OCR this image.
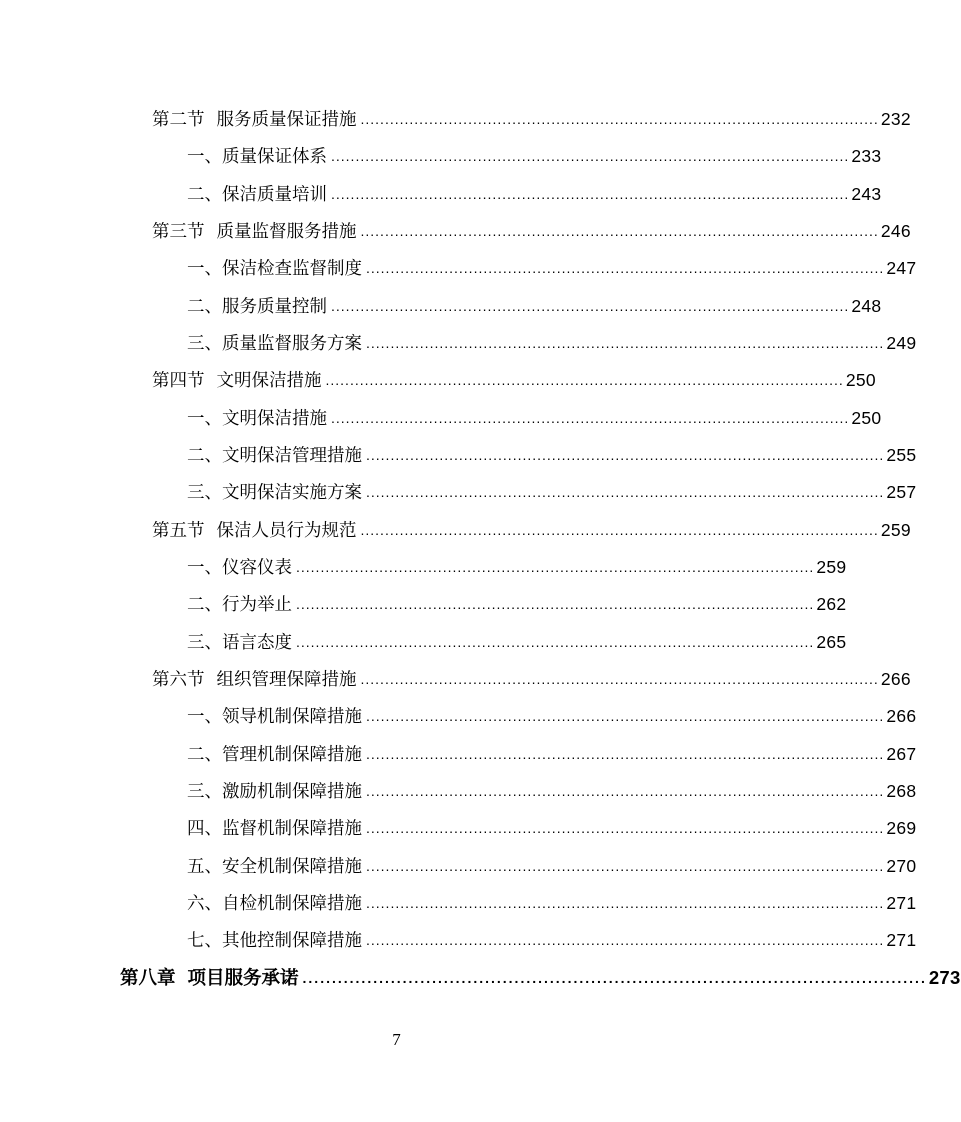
第二节 服务质量保证措施 .......................................................................................................... 232
一、质量保证体系 .......................................................................................................... 233
二、保洁质量培训 .......................................................................................................... 243
第三节 质量监督服务措施 .......................................................................................................... 246
一、保洁检查监督制度 .......................................................................................................... 247
二、服务质量控制 .......................................................................................................... 248
三、质量监督服务方案 .......................................................................................................... 249
第四节 文明保洁措施 .......................................................................................................... 250
一、文明保洁措施 .......................................................................................................... 250
二、文明保洁管理措施 .......................................................................................................... 255
三、文明保洁实施方案 .......................................................................................................... 257
第五节 保洁人员行为规范 .......................................................................................................... 259
一、仪容仪表 .......................................................................................................... 259
二、行为举止 .......................................................................................................... 262
三、语言态度 .......................................................................................................... 265
第六节 组织管理保障措施 .......................................................................................................... 266
一、领导机制保障措施 .......................................................................................................... 266
二、管理机制保障措施 .......................................................................................................... 267
三、激励机制保障措施 .......................................................................................................... 268
四、监督机制保障措施 .......................................................................................................... 269
五、安全机制保障措施 .......................................................................................................... 270
六、自检机制保障措施 .......................................................................................................... 271
七、其他控制保障措施 .......................................................................................................... 271
第八章 项目服务承诺 .......................................................................................................... 273
7
